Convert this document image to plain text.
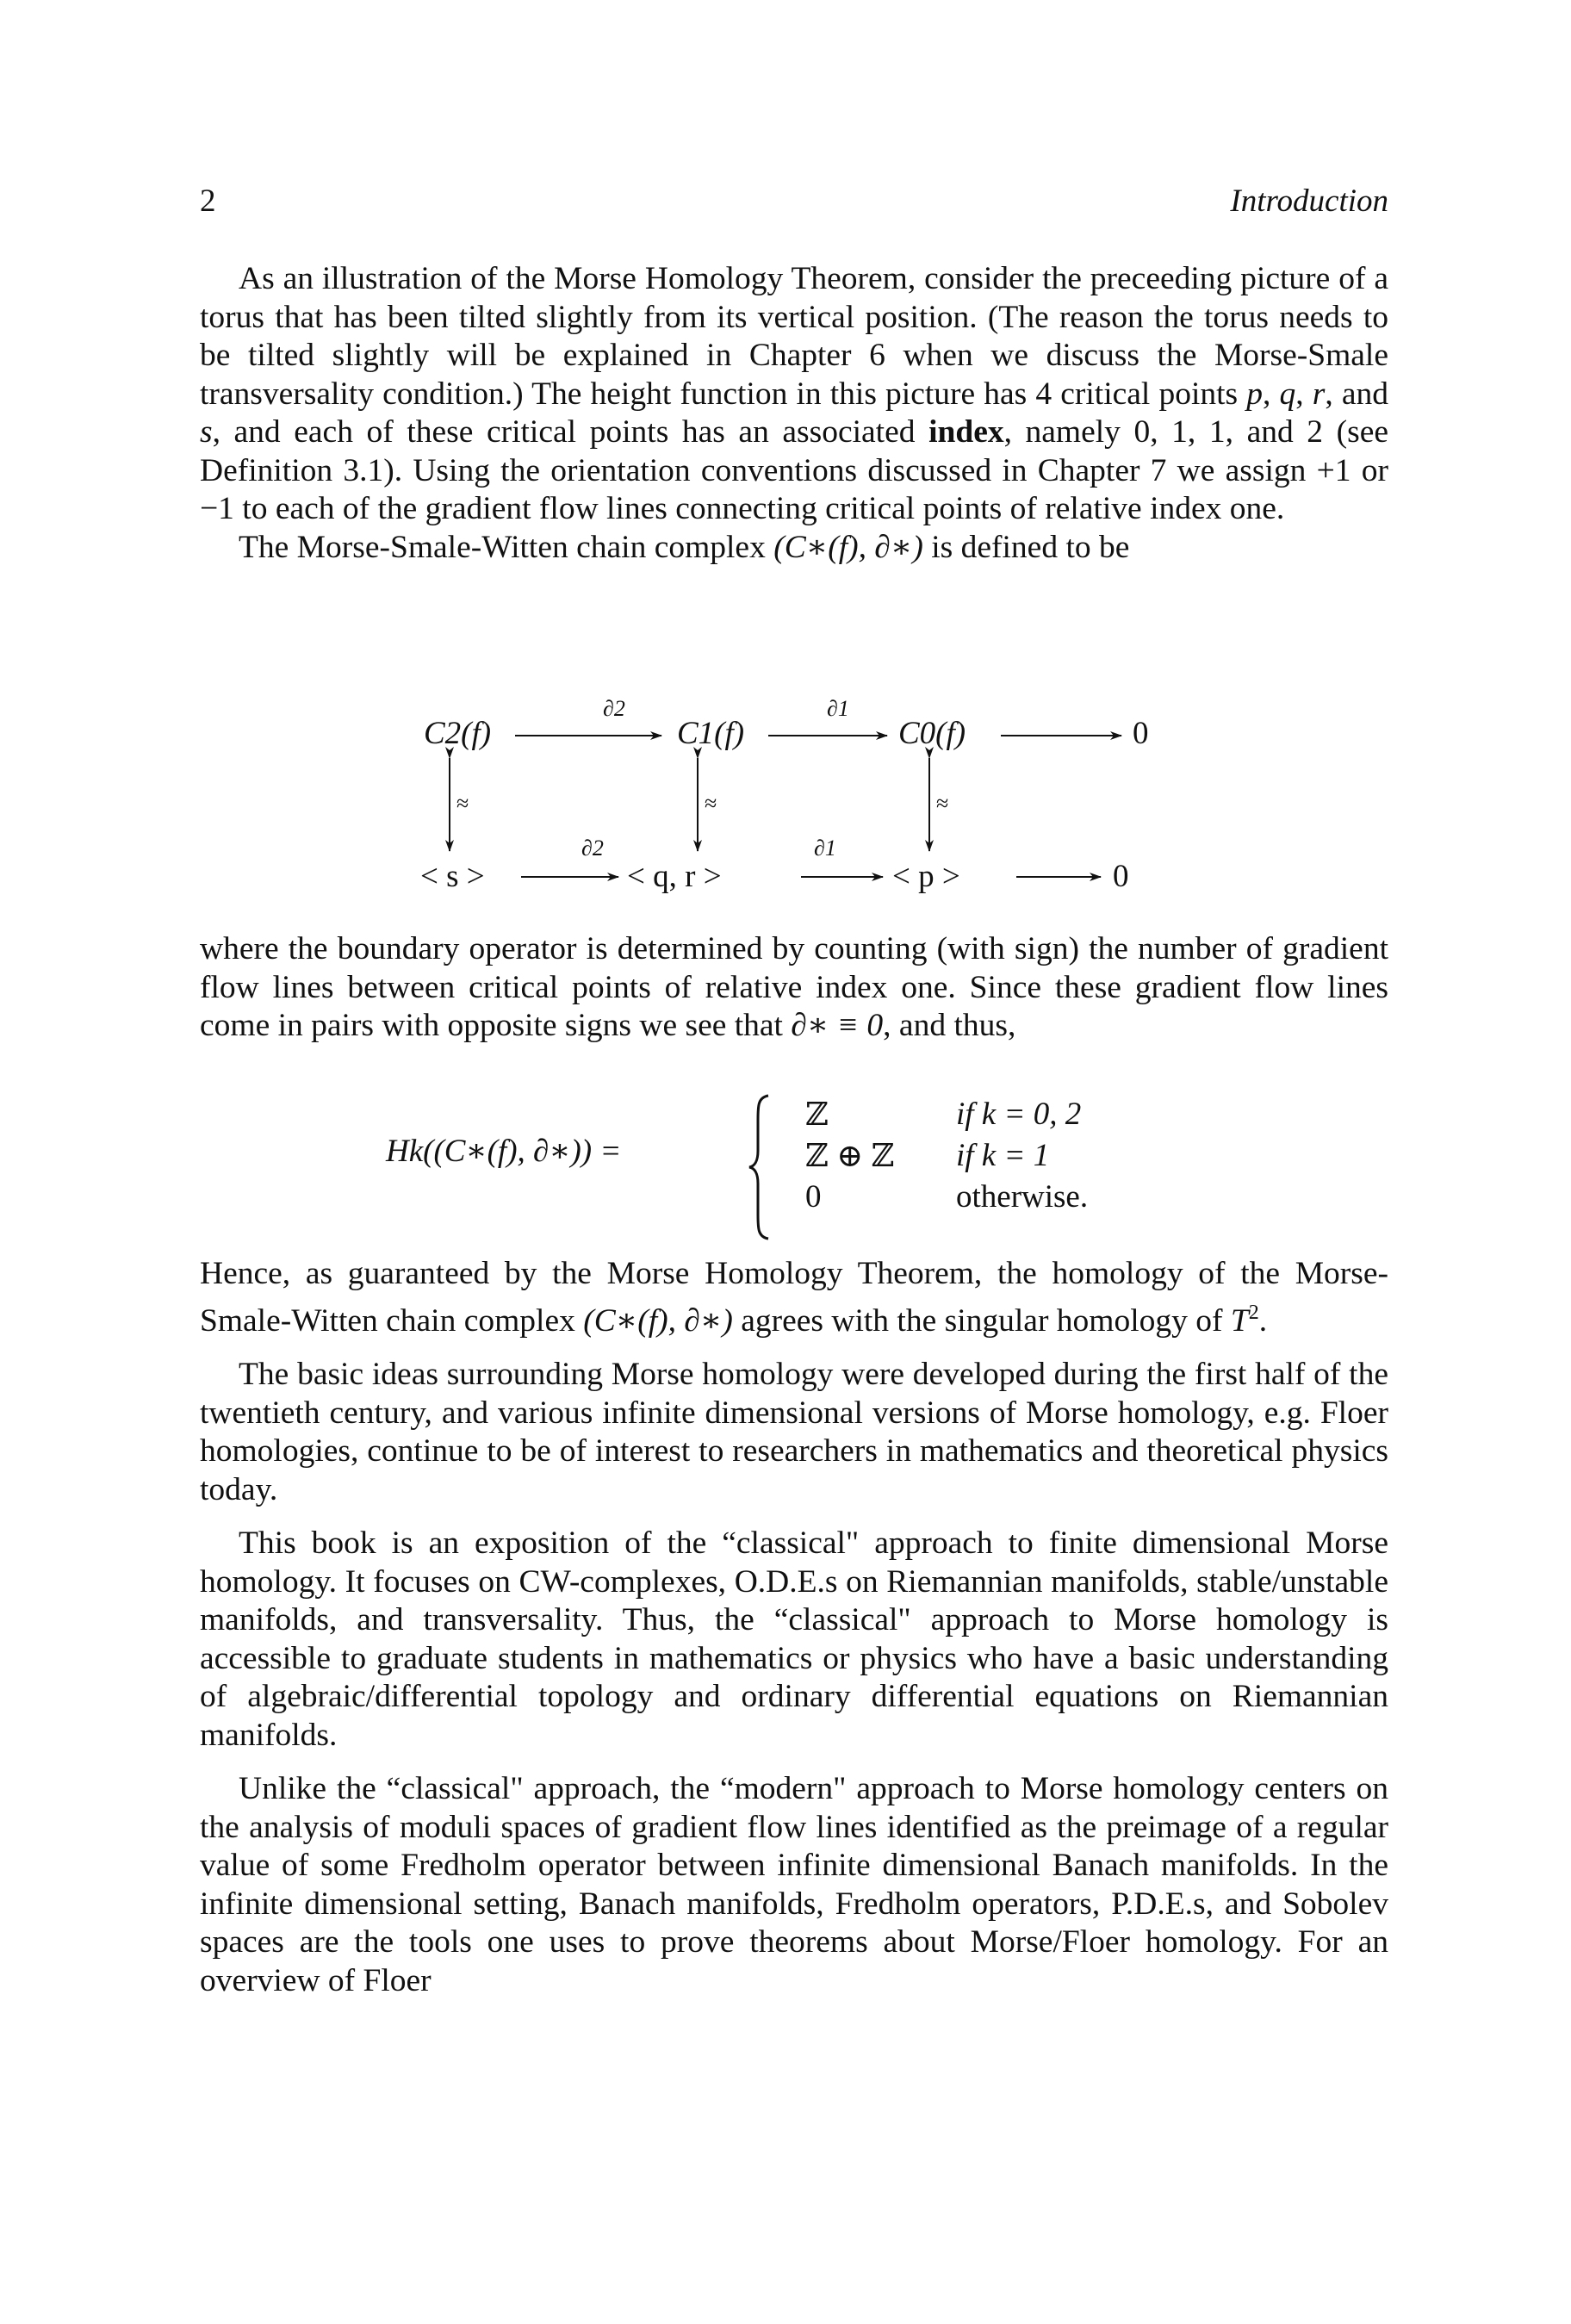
2	Introduction

As an illustration of the Morse Homology Theorem, consider the preceeding picture of a torus that has been tilted slightly from its vertical position. (The reason the torus needs to be tilted slightly will be explained in Chapter 6 when we discuss the Morse-Smale transversality condition.) The height function in this picture has 4 critical points p, q, r, and s, and each of these critical points has an associated index, namely 0, 1, 1, and 2 (see Definition 3.1). Using the orientation conventions discussed in Chapter 7 we assign +1 or −1 to each of the gradient flow lines connecting critical points of relative index one.

The Morse-Smale-Witten chain complex (C∗(f), ∂∗) is defined to be

C2(f)	C1(f)	C0(f)	0
∂2	∂1
< s >	< q, r >	< p >	0
∂2	∂1
≈	≈	≈

where the boundary operator is determined by counting (with sign) the number of gradient flow lines between critical points of relative index one. Since these gradient flow lines come in pairs with opposite signs we see that ∂∗ ≡ 0, and thus,

Hk((C∗(f), ∂∗)) =
ℤ	if k = 0, 2
ℤ ⊕ ℤ if k = 1
0	otherwise.

Hence, as guaranteed by the Morse Homology Theorem, the homology of the Morse-Smale-Witten chain complex (C∗(f), ∂∗) agrees with the singular homology of $T^2$.

The basic ideas surrounding Morse homology were developed during the first half of the twentieth century, and various infinite dimensional versions of Morse homology, e.g. Floer homologies, continue to be of interest to researchers in mathematics and theoretical physics today.

This book is an exposition of the “classical" approach to finite dimensional Morse homology. It focuses on CW-complexes, O.D.E.s on Riemannian manifolds, stable/unstable manifolds, and transversality. Thus, the “classical" approach to Morse homology is accessible to graduate students in mathematics or physics who have a basic understanding of algebraic/differential topology and ordinary differential equations on Riemannian manifolds.

Unlike the “classical" approach, the “modern" approach to Morse homology centers on the analysis of moduli spaces of gradient flow lines identified as the preimage of a regular value of some Fredholm operator between infinite dimensional Banach manifolds. In the infinite dimensional setting, Banach manifolds, Fredholm operators, P.D.E.s, and Sobolev spaces are the tools one uses to prove theorems about Morse/Floer homology. For an overview of Floer
